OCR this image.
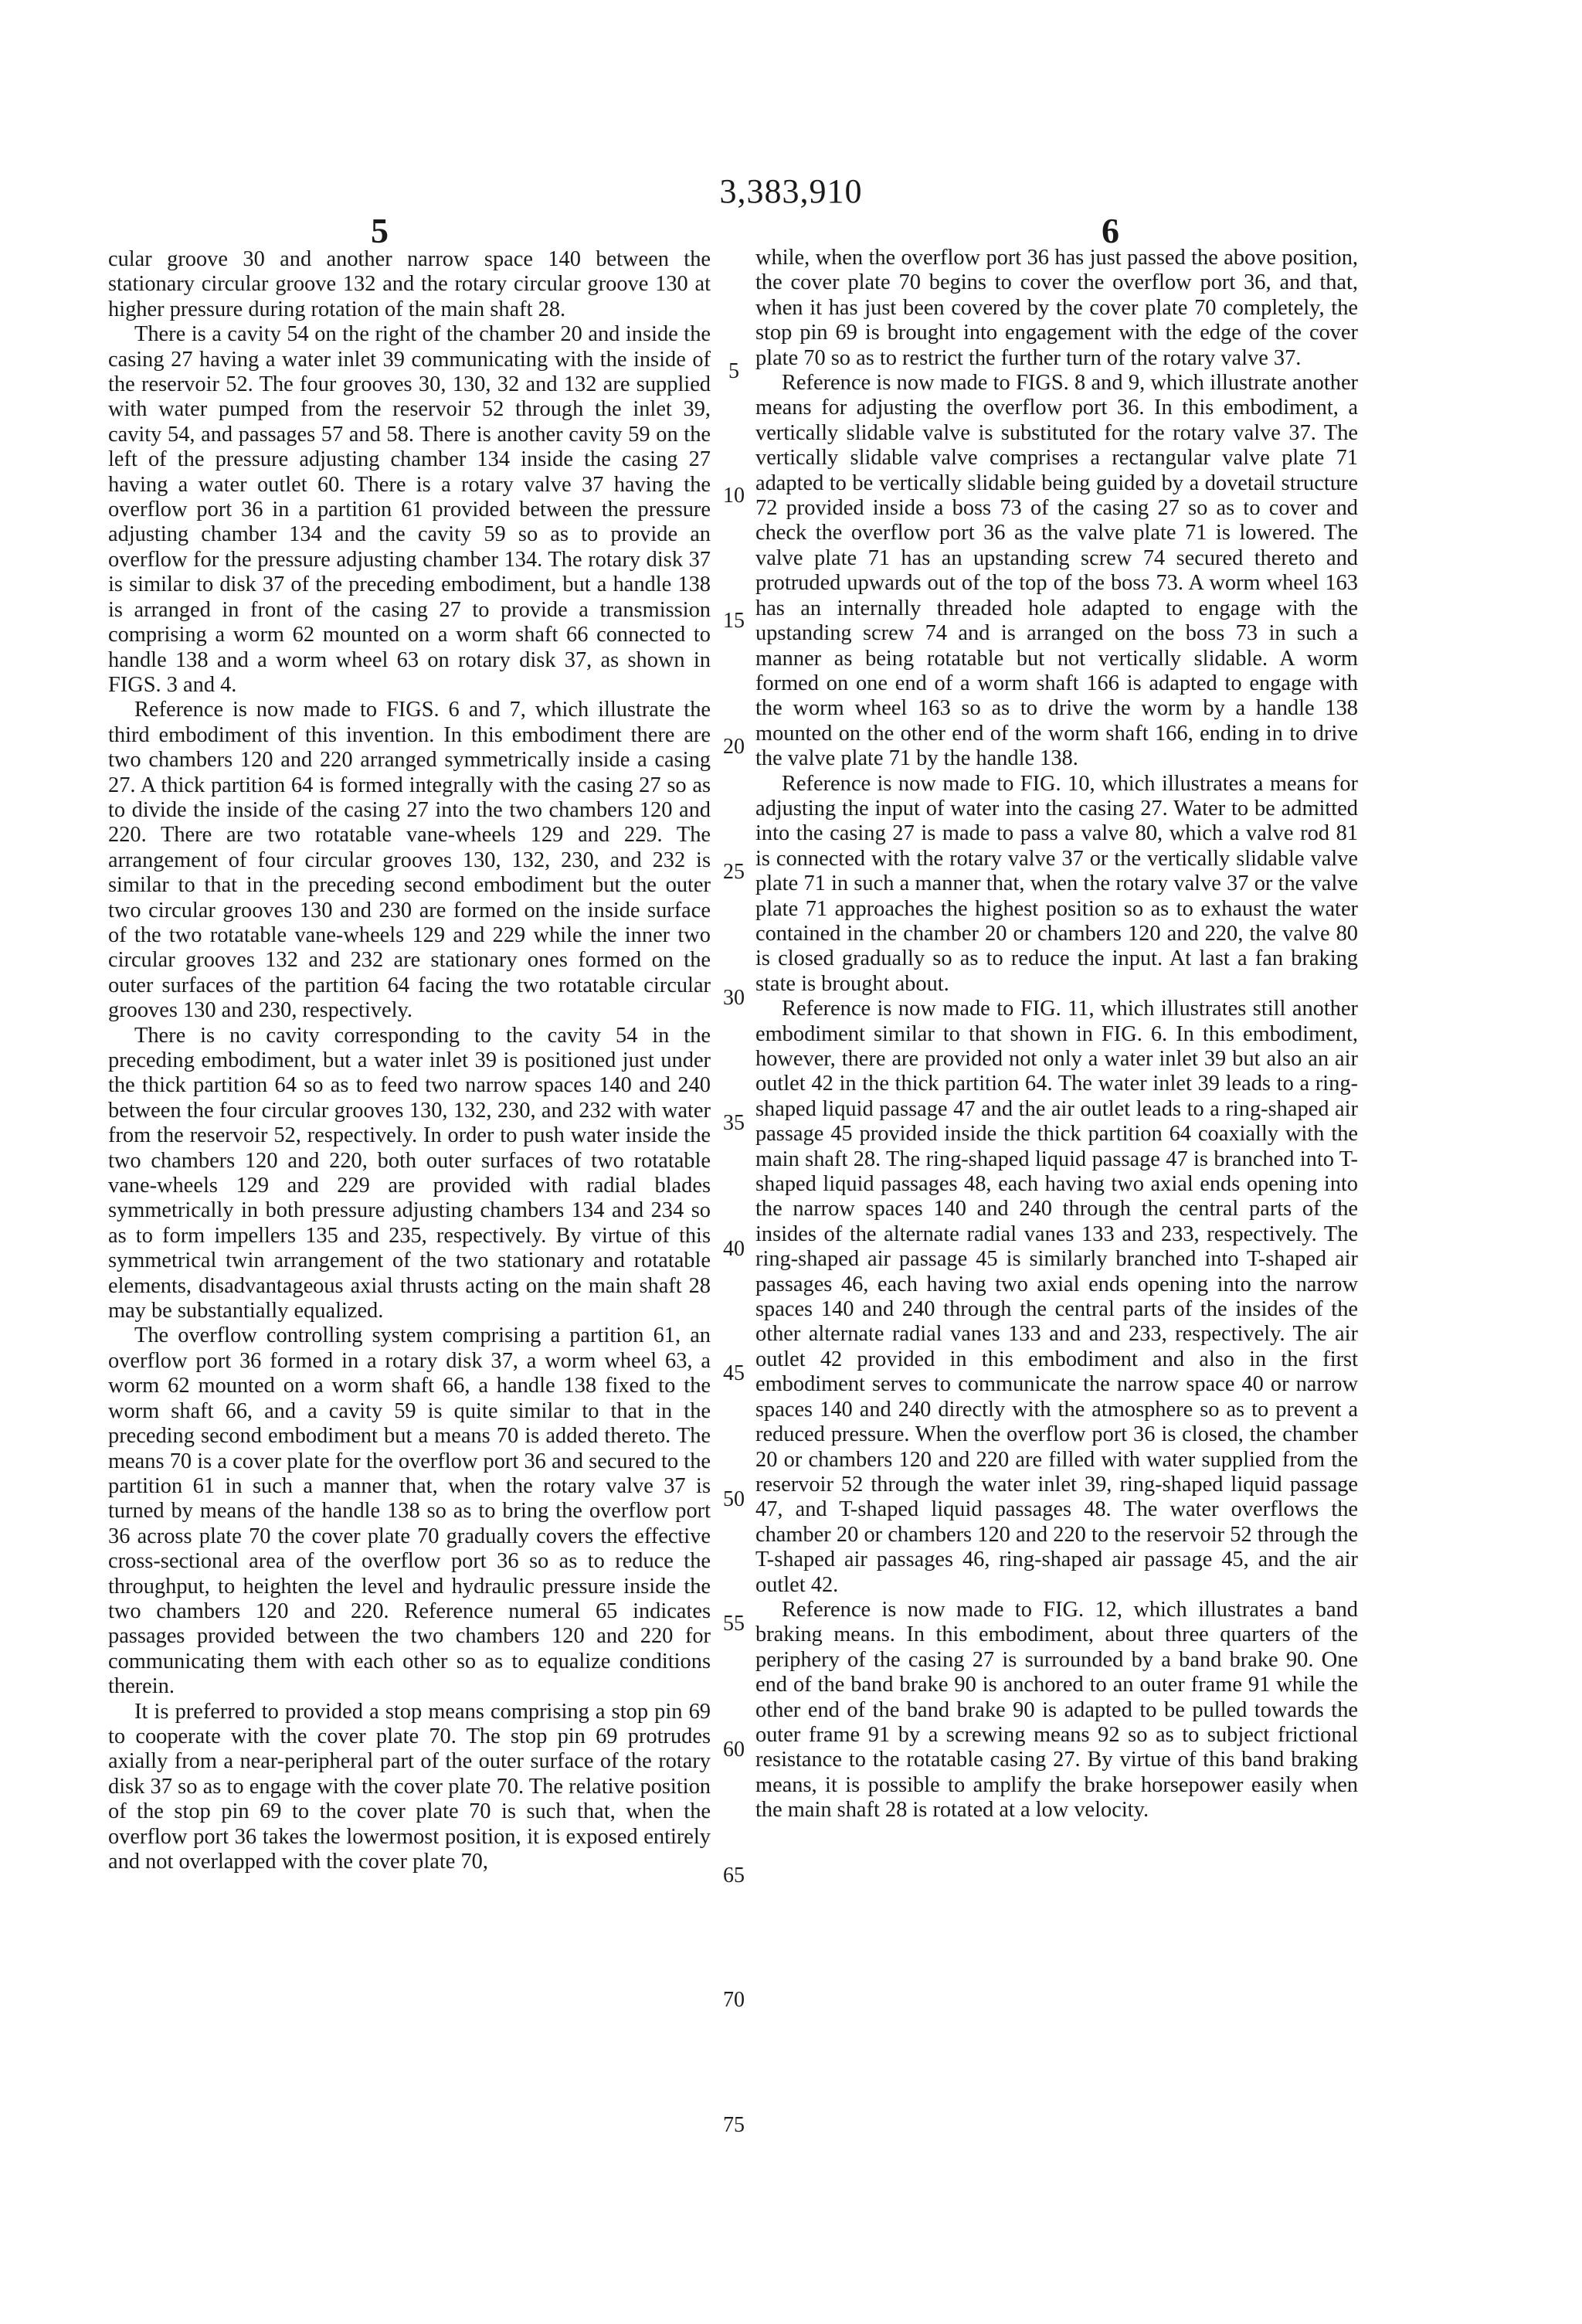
3,383,910
5	6

cular groove 30 and another narrow space 140 between the stationary circular groove 132 and the rotary circular groove 130 at higher pressure during rotation of the main shaft 28.

There is a cavity 54 on the right of the chamber 20 and inside the casing 27 having a water inlet 39 communicating with the inside of the reservoir 52. The four grooves 30, 130, 32 and 132 are supplied with water pumped from the reservoir 52 through the inlet 39, cavity 54, and passages 57 and 58. There is another cavity 59 on the left of the pressure adjusting chamber 134 inside the casing 27 having a water outlet 60. There is a rotary valve 37 having the overflow port 36 in a partition 61 provided between the pressure adjusting chamber 134 and the cavity 59 so as to provide an overflow for the pressure adjusting chamber 134. The rotary disk 37 is similar to disk 37 of the preceding embodiment, but a handle 138 is arranged in front of the casing 27 to provide a transmission comprising a worm 62 mounted on a worm shaft 66 connected to handle 138 and a worm wheel 63 on rotary disk 37, as shown in FIGS. 3 and 4.

Reference is now made to FIGS. 6 and 7, which illustrate the third embodiment of this invention. In this embodiment there are two chambers 120 and 220 arranged symmetrically inside a casing 27. A thick partition 64 is formed integrally with the casing 27 so as to divide the inside of the casing 27 into the two chambers 120 and 220. There are two rotatable vane-wheels 129 and 229. The arrangement of four circular grooves 130, 132, 230, and 232 is similar to that in the preceding second embodiment but the outer two circular grooves 130 and 230 are formed on the inside surface of the two rotatable vane-wheels 129 and 229 while the inner two circular grooves 132 and 232 are stationary ones formed on the outer surfaces of the partition 64 facing the two rotatable circular grooves 130 and 230, respectively.

There is no cavity corresponding to the cavity 54 in the preceding embodiment, but a water inlet 39 is positioned just under the thick partition 64 so as to feed two narrow spaces 140 and 240 between the four circular grooves 130, 132, 230, and 232 with water from the reservoir 52, respectively. In order to push water inside the two chambers 120 and 220, both outer surfaces of two rotatable vane-wheels 129 and 229 are provided with radial blades symmetrically in both pressure adjusting chambers 134 and 234 so as to form impellers 135 and 235, respectively. By virtue of this symmetrical twin arrangement of the two stationary and rotatable elements, disadvantageous axial thrusts acting on the main shaft 28 may be substantially equalized.

The overflow controlling system comprising a partition 61, an overflow port 36 formed in a rotary disk 37, a worm wheel 63, a worm 62 mounted on a worm shaft 66, a handle 138 fixed to the worm shaft 66, and a cavity 59 is quite similar to that in the preceding second embodiment but a means 70 is added thereto. The means 70 is a cover plate for the overflow port 36 and secured to the partition 61 in such a manner that, when the rotary valve 37 is turned by means of the handle 138 so as to bring the overflow port 36 across plate 70 the cover plate 70 gradually covers the effective cross-sectional area of the overflow port 36 so as to reduce the throughput, to heighten the level and hydraulic pressure inside the two chambers 120 and 220. Reference numeral 65 indicates passages provided between the two chambers 120 and 220 for communicating them with each other so as to equalize conditions therein.

It is preferred to provided a stop means comprising a stop pin 69 to cooperate with the cover plate 70. The stop pin 69 protrudes axially from a near-peripheral part of the outer surface of the rotary disk 37 so as to engage with the cover plate 70. The relative position of the stop pin 69 to the cover plate 70 is such that, when the overflow port 36 takes the lowermost position, it is exposed entirely and not overlapped with the cover plate 70,

while, when the overflow port 36 has just passed the above position, the cover plate 70 begins to cover the overflow port 36, and that, when it has just been covered by the cover plate 70 completely, the stop pin 69 is brought into engagement with the edge of the cover plate 70 so as to restrict the further turn of the rotary valve 37.

Reference is now made to FIGS. 8 and 9, which illustrate another means for adjusting the overflow port 36. In this embodiment, a vertically slidable valve is substituted for the rotary valve 37. The vertically slidable valve comprises a rectangular valve plate 71 adapted to be vertically slidable being guided by a dovetail structure 72 provided inside a boss 73 of the casing 27 so as to cover and check the overflow port 36 as the valve plate 71 is lowered. The valve plate 71 has an upstanding screw 74 secured thereto and protruded upwards out of the top of the boss 73. A worm wheel 163 has an internally threaded hole adapted to engage with the upstanding screw 74 and is arranged on the boss 73 in such a manner as being rotatable but not vertically slidable. A worm formed on one end of a worm shaft 166 is adapted to engage with the worm wheel 163 so as to drive the worm by a handle 138 mounted on the other end of the worm shaft 166, ending in to drive the valve plate 71 by the handle 138.

Reference is now made to FIG. 10, which illustrates a means for adjusting the input of water into the casing 27. Water to be admitted into the casing 27 is made to pass a valve 80, which a valve rod 81 is connected with the rotary valve 37 or the vertically slidable valve plate 71 in such a manner that, when the rotary valve 37 or the valve plate 71 approaches the highest position so as to exhaust the water contained in the chamber 20 or chambers 120 and 220, the valve 80 is closed gradually so as to reduce the input. At last a fan braking state is brought about.

Reference is now made to FIG. 11, which illustrates still another embodiment similar to that shown in FIG. 6. In this embodiment, however, there are provided not only a water inlet 39 but also an air outlet 42 in the thick partition 64. The water inlet 39 leads to a ring-shaped liquid passage 47 and the air outlet leads to a ring-shaped air passage 45 provided inside the thick partition 64 coaxially with the main shaft 28. The ring-shaped liquid passage 47 is branched into T-shaped liquid passages 48, each having two axial ends opening into the narrow spaces 140 and 240 through the central parts of the insides of the alternate radial vanes 133 and 233, respectively. The ring-shaped air passage 45 is similarly branched into T-shaped air passages 46, each having two axial ends opening into the narrow spaces 140 and 240 through the central parts of the insides of the other alternate radial vanes 133 and and 233, respectively. The air outlet 42 provided in this embodiment and also in the first embodiment serves to communicate the narrow space 40 or narrow spaces 140 and 240 directly with the atmosphere so as to prevent a reduced pressure. When the overflow port 36 is closed, the chamber 20 or chambers 120 and 220 are filled with water supplied from the reservoir 52 through the water inlet 39, ring-shaped liquid passage 47, and T-shaped liquid passages 48. The water overflows the chamber 20 or chambers 120 and 220 to the reservoir 52 through the T-shaped air passages 46, ring-shaped air passage 45, and the air outlet 42.

Reference is now made to FIG. 12, which illustrates a band braking means. In this embodiment, about three quarters of the periphery of the casing 27 is surrounded by a band brake 90. One end of the band brake 90 is anchored to an outer frame 91 while the other end of the band brake 90 is adapted to be pulled towards the outer frame 91 by a screwing means 92 so as to subject frictional resistance to the rotatable casing 27. By virtue of this band braking means, it is possible to amplify the brake horsepower easily when the main shaft 28 is rotated at a low velocity.

5
10
15
20
25
30
35
40
45
50
55
60
65
70
75
